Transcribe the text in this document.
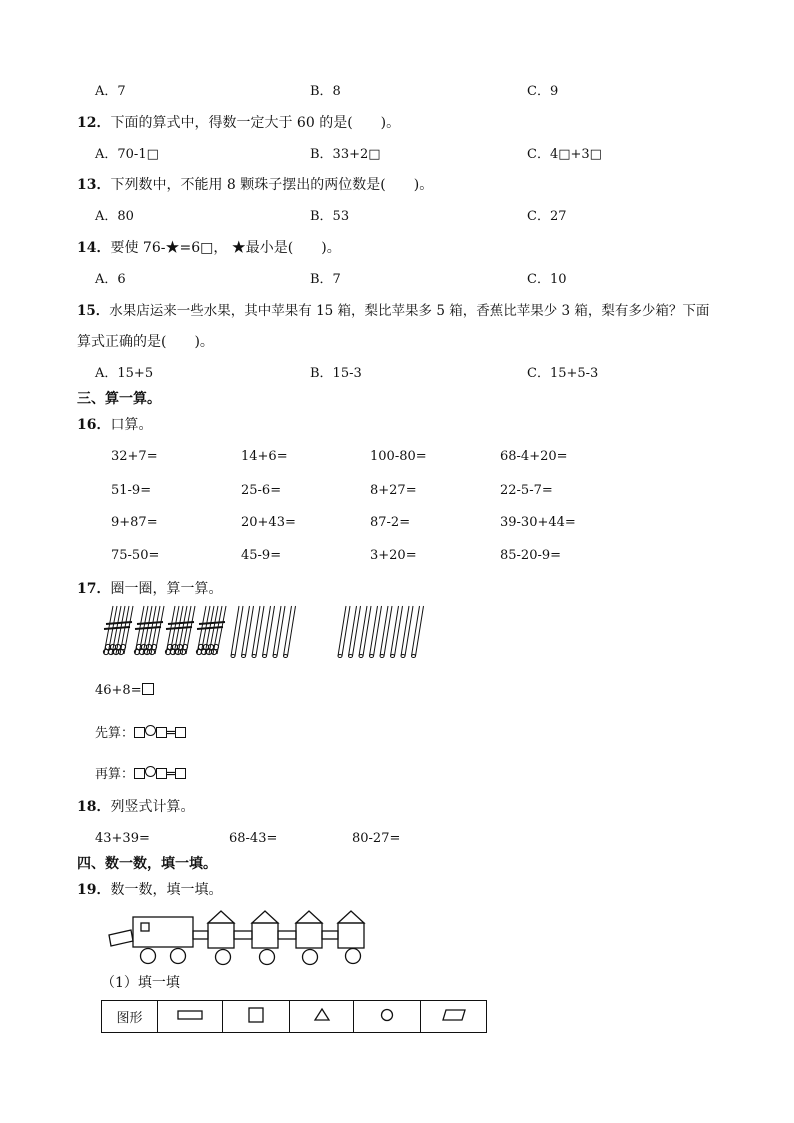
A．7	B．8	C．9
12．下面的算式中，得数一定大于 60 的是(　　)。
A．70-1□	B．33+2□	C．4□+3□
13．下列数中，不能用 8 颗珠子摆出的两位数是(　　)。
A．80	B．53	C．27
14．要使 76-★=6□， ★最小是(　　)。
A．6	B．7	C．10
15．水果店运来一些水果，其中苹果有 15 箱，梨比苹果多 5 箱，香蕉比苹果少 3 箱，梨有多少箱？下面
算式正确的是(　　)。
A．15+5	B．15-3	C．15+5-3
三、算一算。
16．口算。
32+7=	14+6=	100-80=	68-4+20=
51-9=	25-6=	8+27=	22-5-7=
9+87=	20+43=	87-2=	39-30+44=
75-50=	45-9=	3+20=	85-20-9=
17．圈一圈，算一算。
46+8=
先算：	═
再算：	═
18．列竖式计算。
43+39=	68-43=	80-27=
四、数一数，填一填。
19．数一数，填一填。
（1）填一填
图形					
